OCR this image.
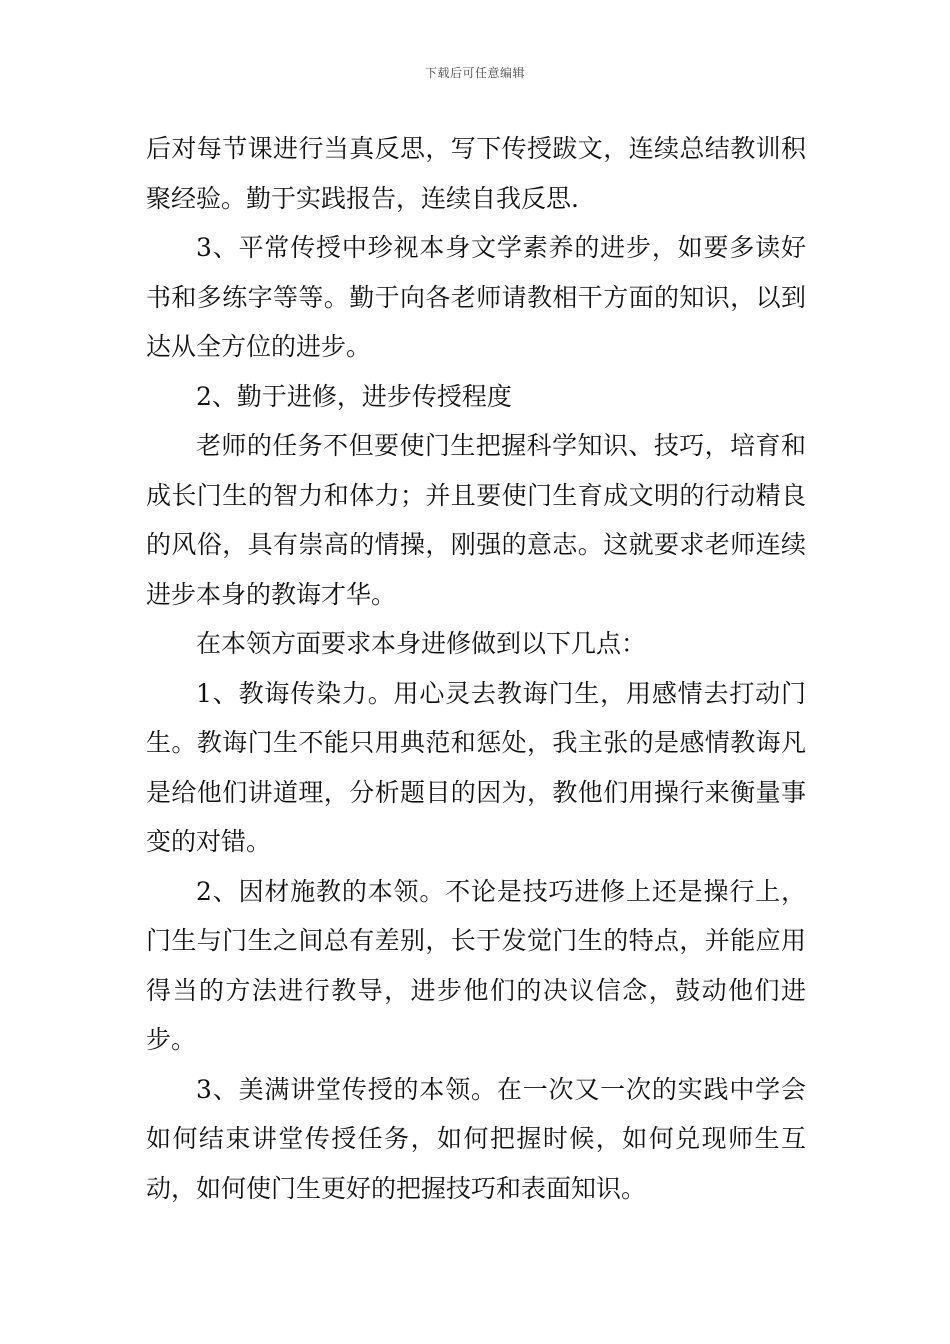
下载后可任意编辑

后对每节课进行当真反思，写下传授跋文，连续总结教训积聚经验。勤于实践报告，连续自我反思.

3、平常传授中珍视本身文学素养的进步，如要多读好书和多练字等等。勤于向各老师请教相干方面的知识，以到达从全方位的进步。

2、勤于进修，进步传授程度

老师的任务不但要使门生把握科学知识、技巧，培育和成长门生的智力和体力；并且要使门生育成文明的行动精良的风俗，具有崇高的情操，刚强的意志。这就要求老师连续进步本身的教诲才华。

在本领方面要求本身进修做到以下几点：

1、教诲传染力。用心灵去教诲门生，用感情去打动门生。教诲门生不能只用典范和惩处，我主张的是感情教诲凡是给他们讲道理，分析题目的因为，教他们用操行来衡量事变的对错。

2、因材施教的本领。不论是技巧进修上还是操行上，门生与门生之间总有差别，长于发觉门生的特点，并能应用得当的方法进行教导，进步他们的决议信念，鼓动他们进步。

3、美满讲堂传授的本领。在一次又一次的实践中学会如何结束讲堂传授任务，如何把握时候，如何兑现师生互动，如何使门生更好的把握技巧和表面知识。
